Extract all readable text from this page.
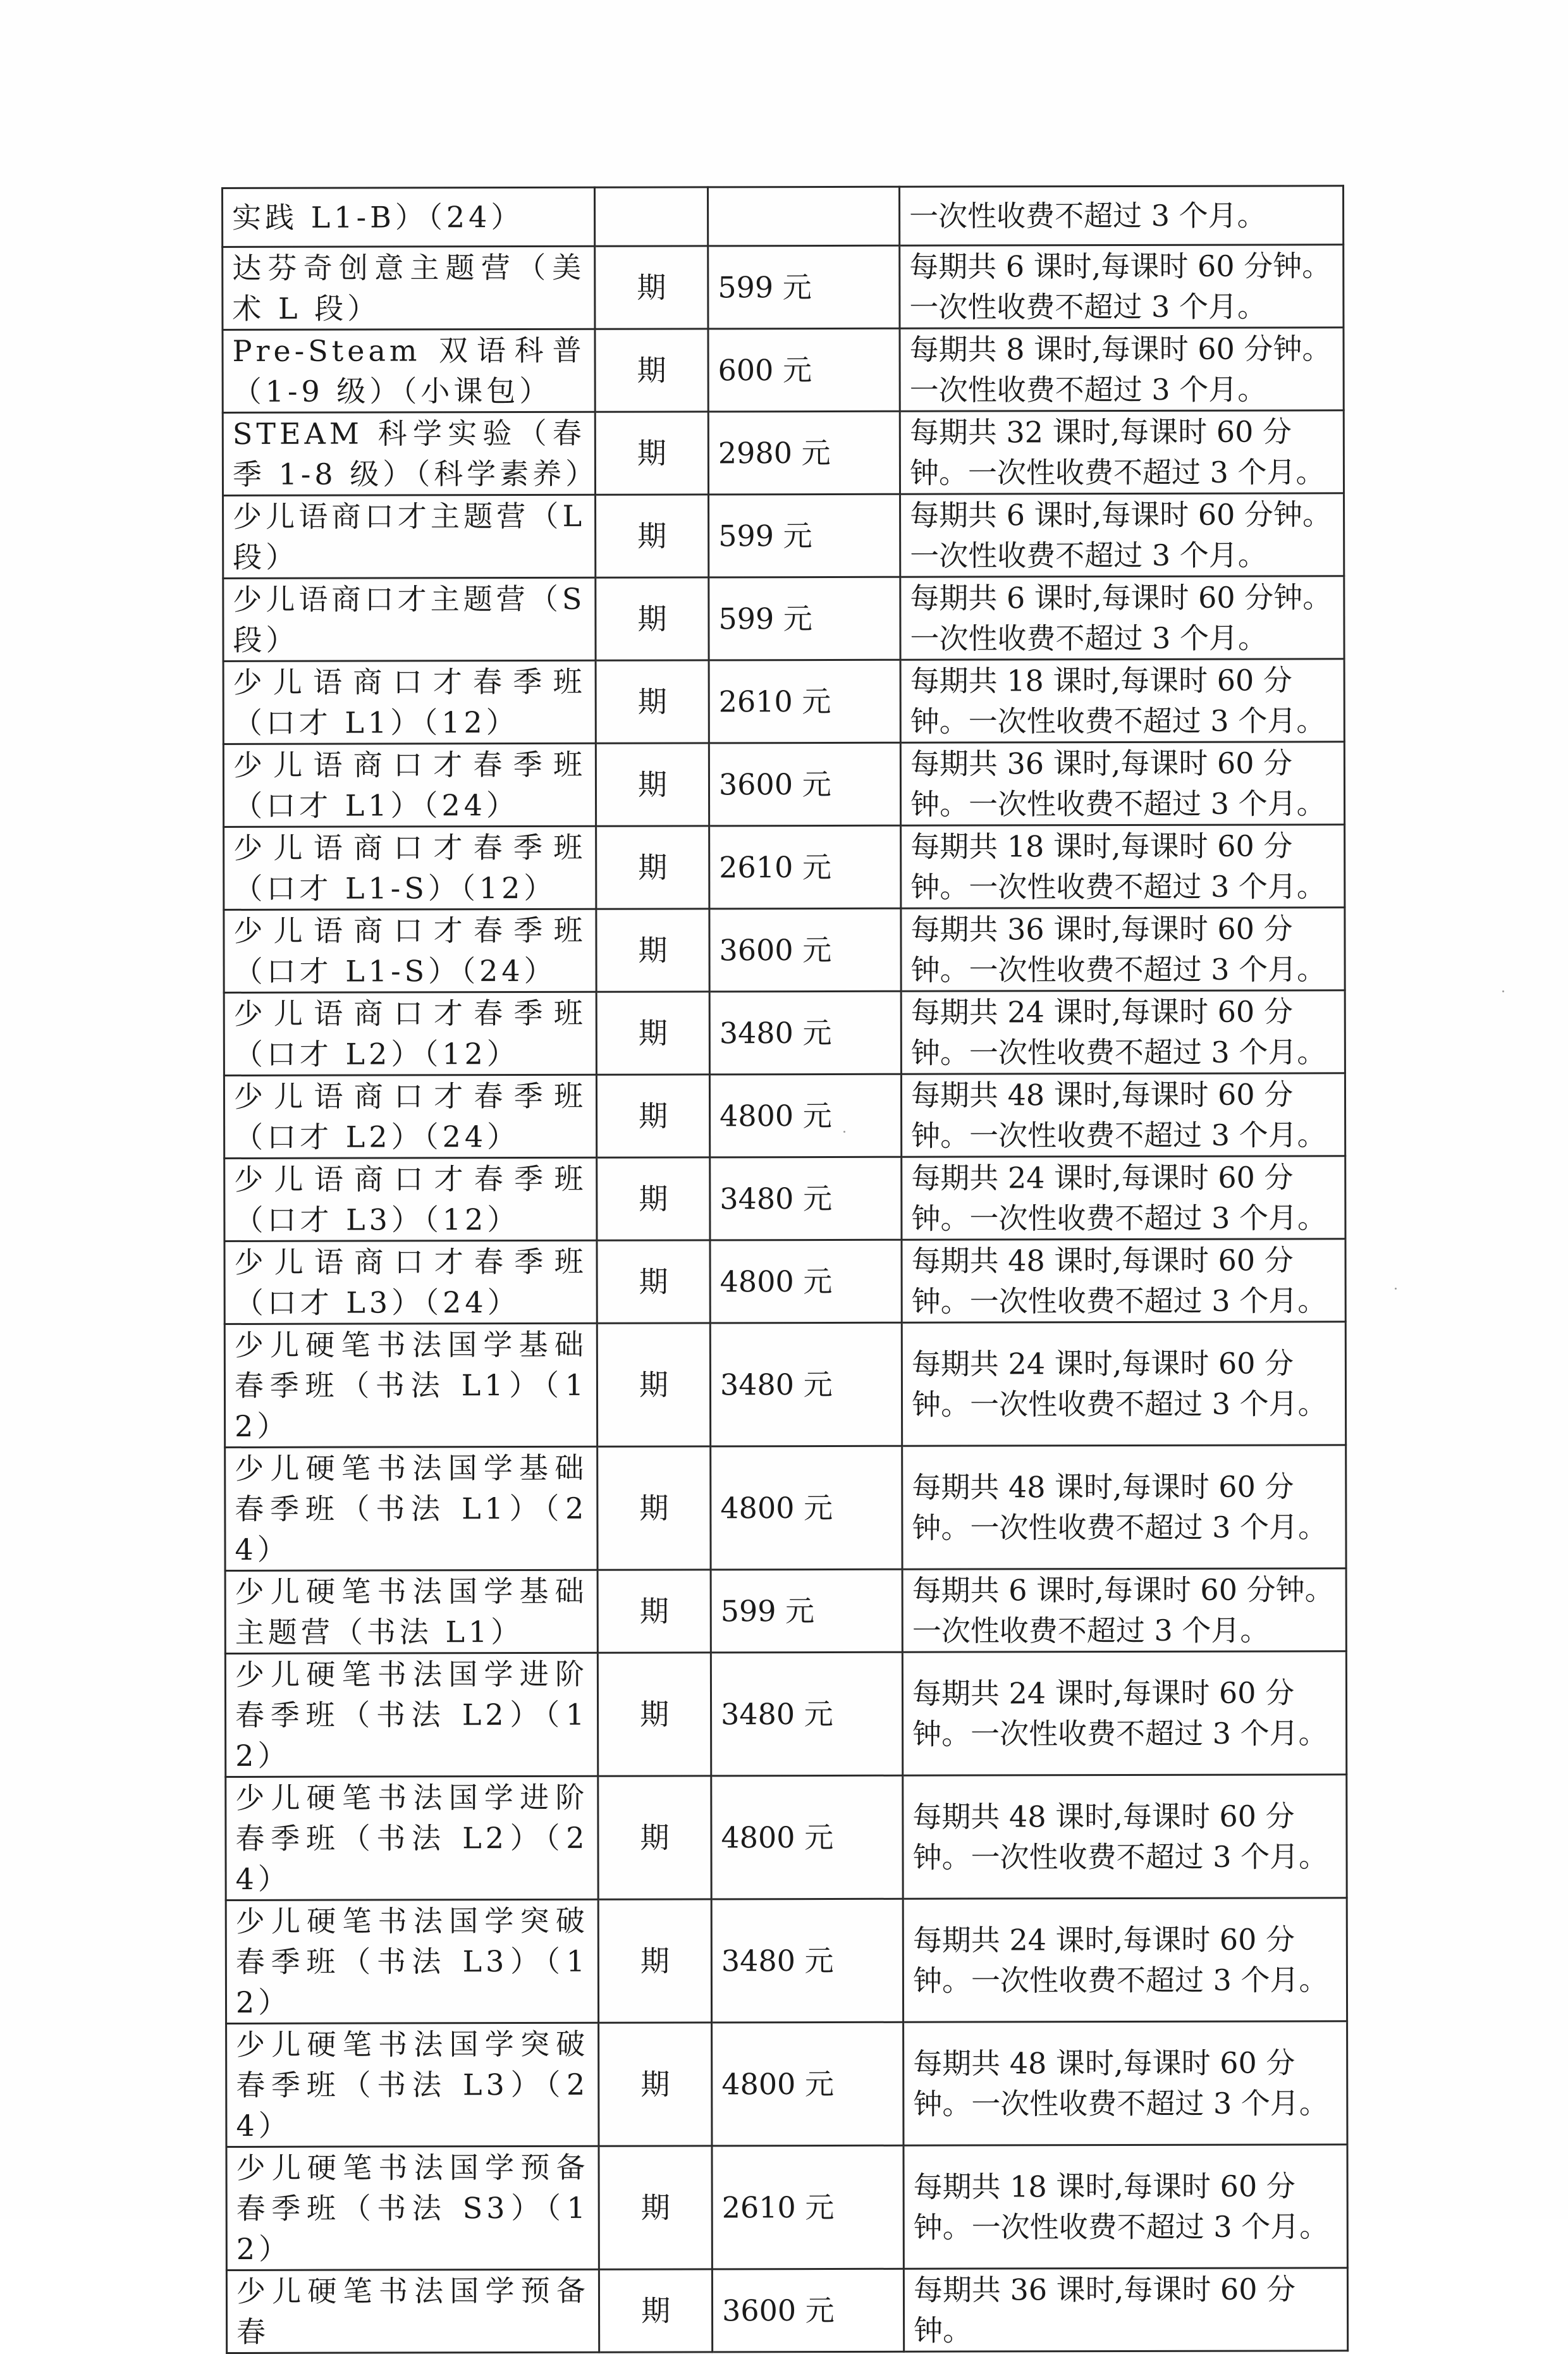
实践 L1-B）（24）			一次性收费不超过 3 个月。
达芬奇创意主题营（美术 L 段）	期	599 元	每期共 6 课时,每课时 60 分钟。一次性收费不超过 3 个月。
Pre-Steam 双语科普（1-9 级）（小课包）	期	600 元	每期共 8 课时,每课时 60 分钟。一次性收费不超过 3 个月。
STEAM 科学实验（春季 1-8 级）（科学素养）	期	2980 元	每期共 32 课时,每课时 60 分钟。一次性收费不超过 3 个月。
少儿语商口才主题营（L 段）	期	599 元	每期共 6 课时,每课时 60 分钟。一次性收费不超过 3 个月。
少儿语商口才主题营（S 段）	期	599 元	每期共 6 课时,每课时 60 分钟。一次性收费不超过 3 个月。
少儿语商口才春季班（口才 L1）（12）	期	2610 元	每期共 18 课时,每课时 60 分钟。一次性收费不超过 3 个月。
少儿语商口才春季班（口才 L1）（24）	期	3600 元	每期共 36 课时,每课时 60 分钟。一次性收费不超过 3 个月。
少儿语商口才春季班（口才 L1-S）（12）	期	2610 元	每期共 18 课时,每课时 60 分钟。一次性收费不超过 3 个月。
少儿语商口才春季班（口才 L1-S）（24）	期	3600 元	每期共 36 课时,每课时 60 分钟。一次性收费不超过 3 个月。
少儿语商口才春季班（口才 L2）（12）	期	3480 元	每期共 24 课时,每课时 60 分钟。一次性收费不超过 3 个月。
少儿语商口才春季班（口才 L2）（24）	期	4800 元	每期共 48 课时,每课时 60 分钟。一次性收费不超过 3 个月。
少儿语商口才春季班（口才 L3）（12）	期	3480 元	每期共 24 课时,每课时 60 分钟。一次性收费不超过 3 个月。
少儿语商口才春季班（口才 L3）（24）	期	4800 元	每期共 48 课时,每课时 60 分钟。一次性收费不超过 3 个月。
少儿硬笔书法国学基础春季班（书法 L1）（12）	期	3480 元	每期共 24 课时,每课时 60 分钟。一次性收费不超过 3 个月。
少儿硬笔书法国学基础春季班（书法 L1）（24）	期	4800 元	每期共 48 课时,每课时 60 分钟。一次性收费不超过 3 个月。
少儿硬笔书法国学基础主题营（书法 L1）	期	599 元	每期共 6 课时,每课时 60 分钟。一次性收费不超过 3 个月。
少儿硬笔书法国学进阶春季班（书法 L2）（12）	期	3480 元	每期共 24 课时,每课时 60 分钟。一次性收费不超过 3 个月。
少儿硬笔书法国学进阶春季班（书法 L2）（24）	期	4800 元	每期共 48 课时,每课时 60 分钟。一次性收费不超过 3 个月。
少儿硬笔书法国学突破春季班（书法 L3）（12）	期	3480 元	每期共 24 课时,每课时 60 分钟。一次性收费不超过 3 个月。
少儿硬笔书法国学突破春季班（书法 L3）（24）	期	4800 元	每期共 48 课时,每课时 60 分钟。一次性收费不超过 3 个月。
少儿硬笔书法国学预备春季班（书法 S3）（12）	期	2610 元	每期共 18 课时,每课时 60 分钟。一次性收费不超过 3 个月。
少儿硬笔书法国学预备春	期	3600 元	每期共 36 课时,每课时 60 分钟。
